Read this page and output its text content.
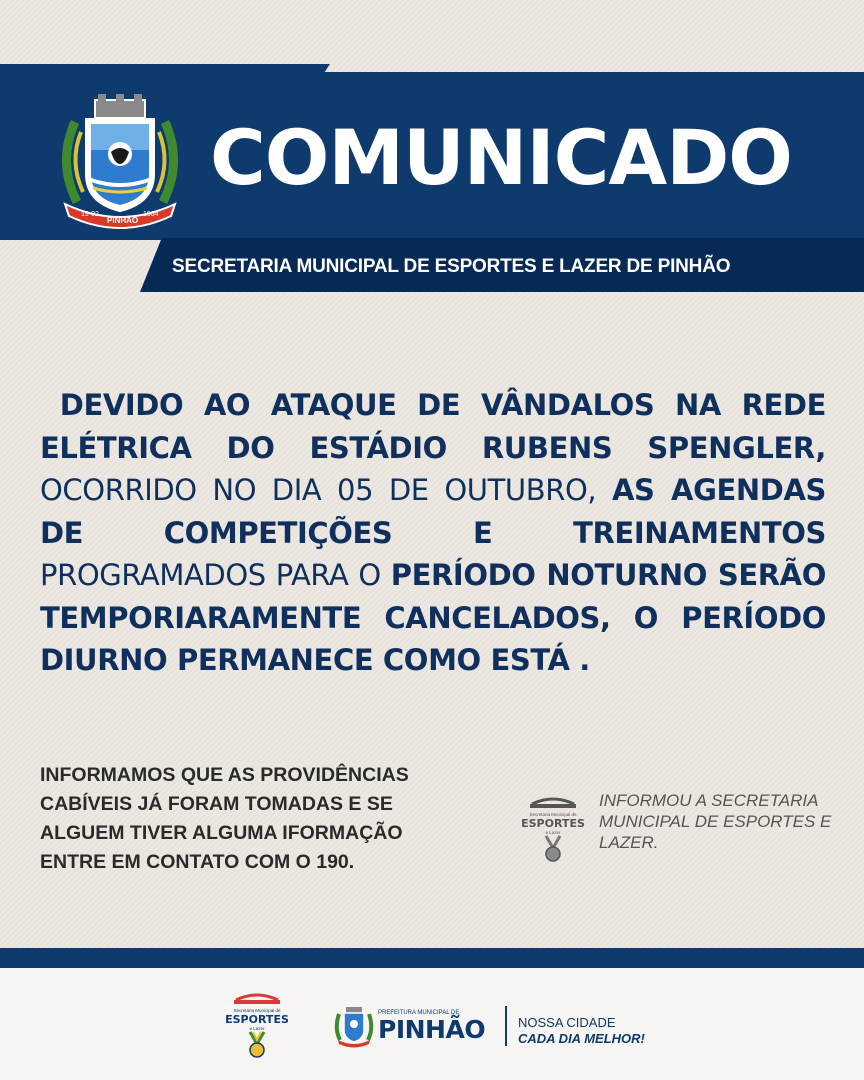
19-02
PINHÃO
1964
COMUNICADO
SECRETARIA MUNICIPAL DE ESPORTES E LAZER DE PINHÃO

DEVIDO AO ATAQUE DE VÂNDALOS NA REDE ELÉTRICA DO ESTÁDIO RUBENS SPENGLER, OCORRIDO NO DIA 05 DE OUTUBRO, AS AGENDAS DE COMPETIÇÕES E TREINAMENTOS PROGRAMADOS PARA O PERÍODO NOTURNO SERÃO TEMPORIARAMENTE CANCELADOS, O PERÍODO DIURNO PERMANECE COMO ESTÁ .

INFORMAMOS QUE AS PROVIDÊNCIAS CABÍVEIS JÁ FORAM TOMADAS E SE ALGUEM TIVER ALGUMA IFORMAÇÃO ENTRE EM CONTATO COM O 190.

Secretaria Municipal de
ESPORTES
e Lazer

INFORMOU A SECRETARIA MUNICIPAL DE ESPORTES E LAZER.

Secretaria Municipal de
ESPORTES
e Lazer
PREFEITURA MUNICIPAL DE
PINHÃO	NOSSA CIDADE
CADA DIA MELHOR!
